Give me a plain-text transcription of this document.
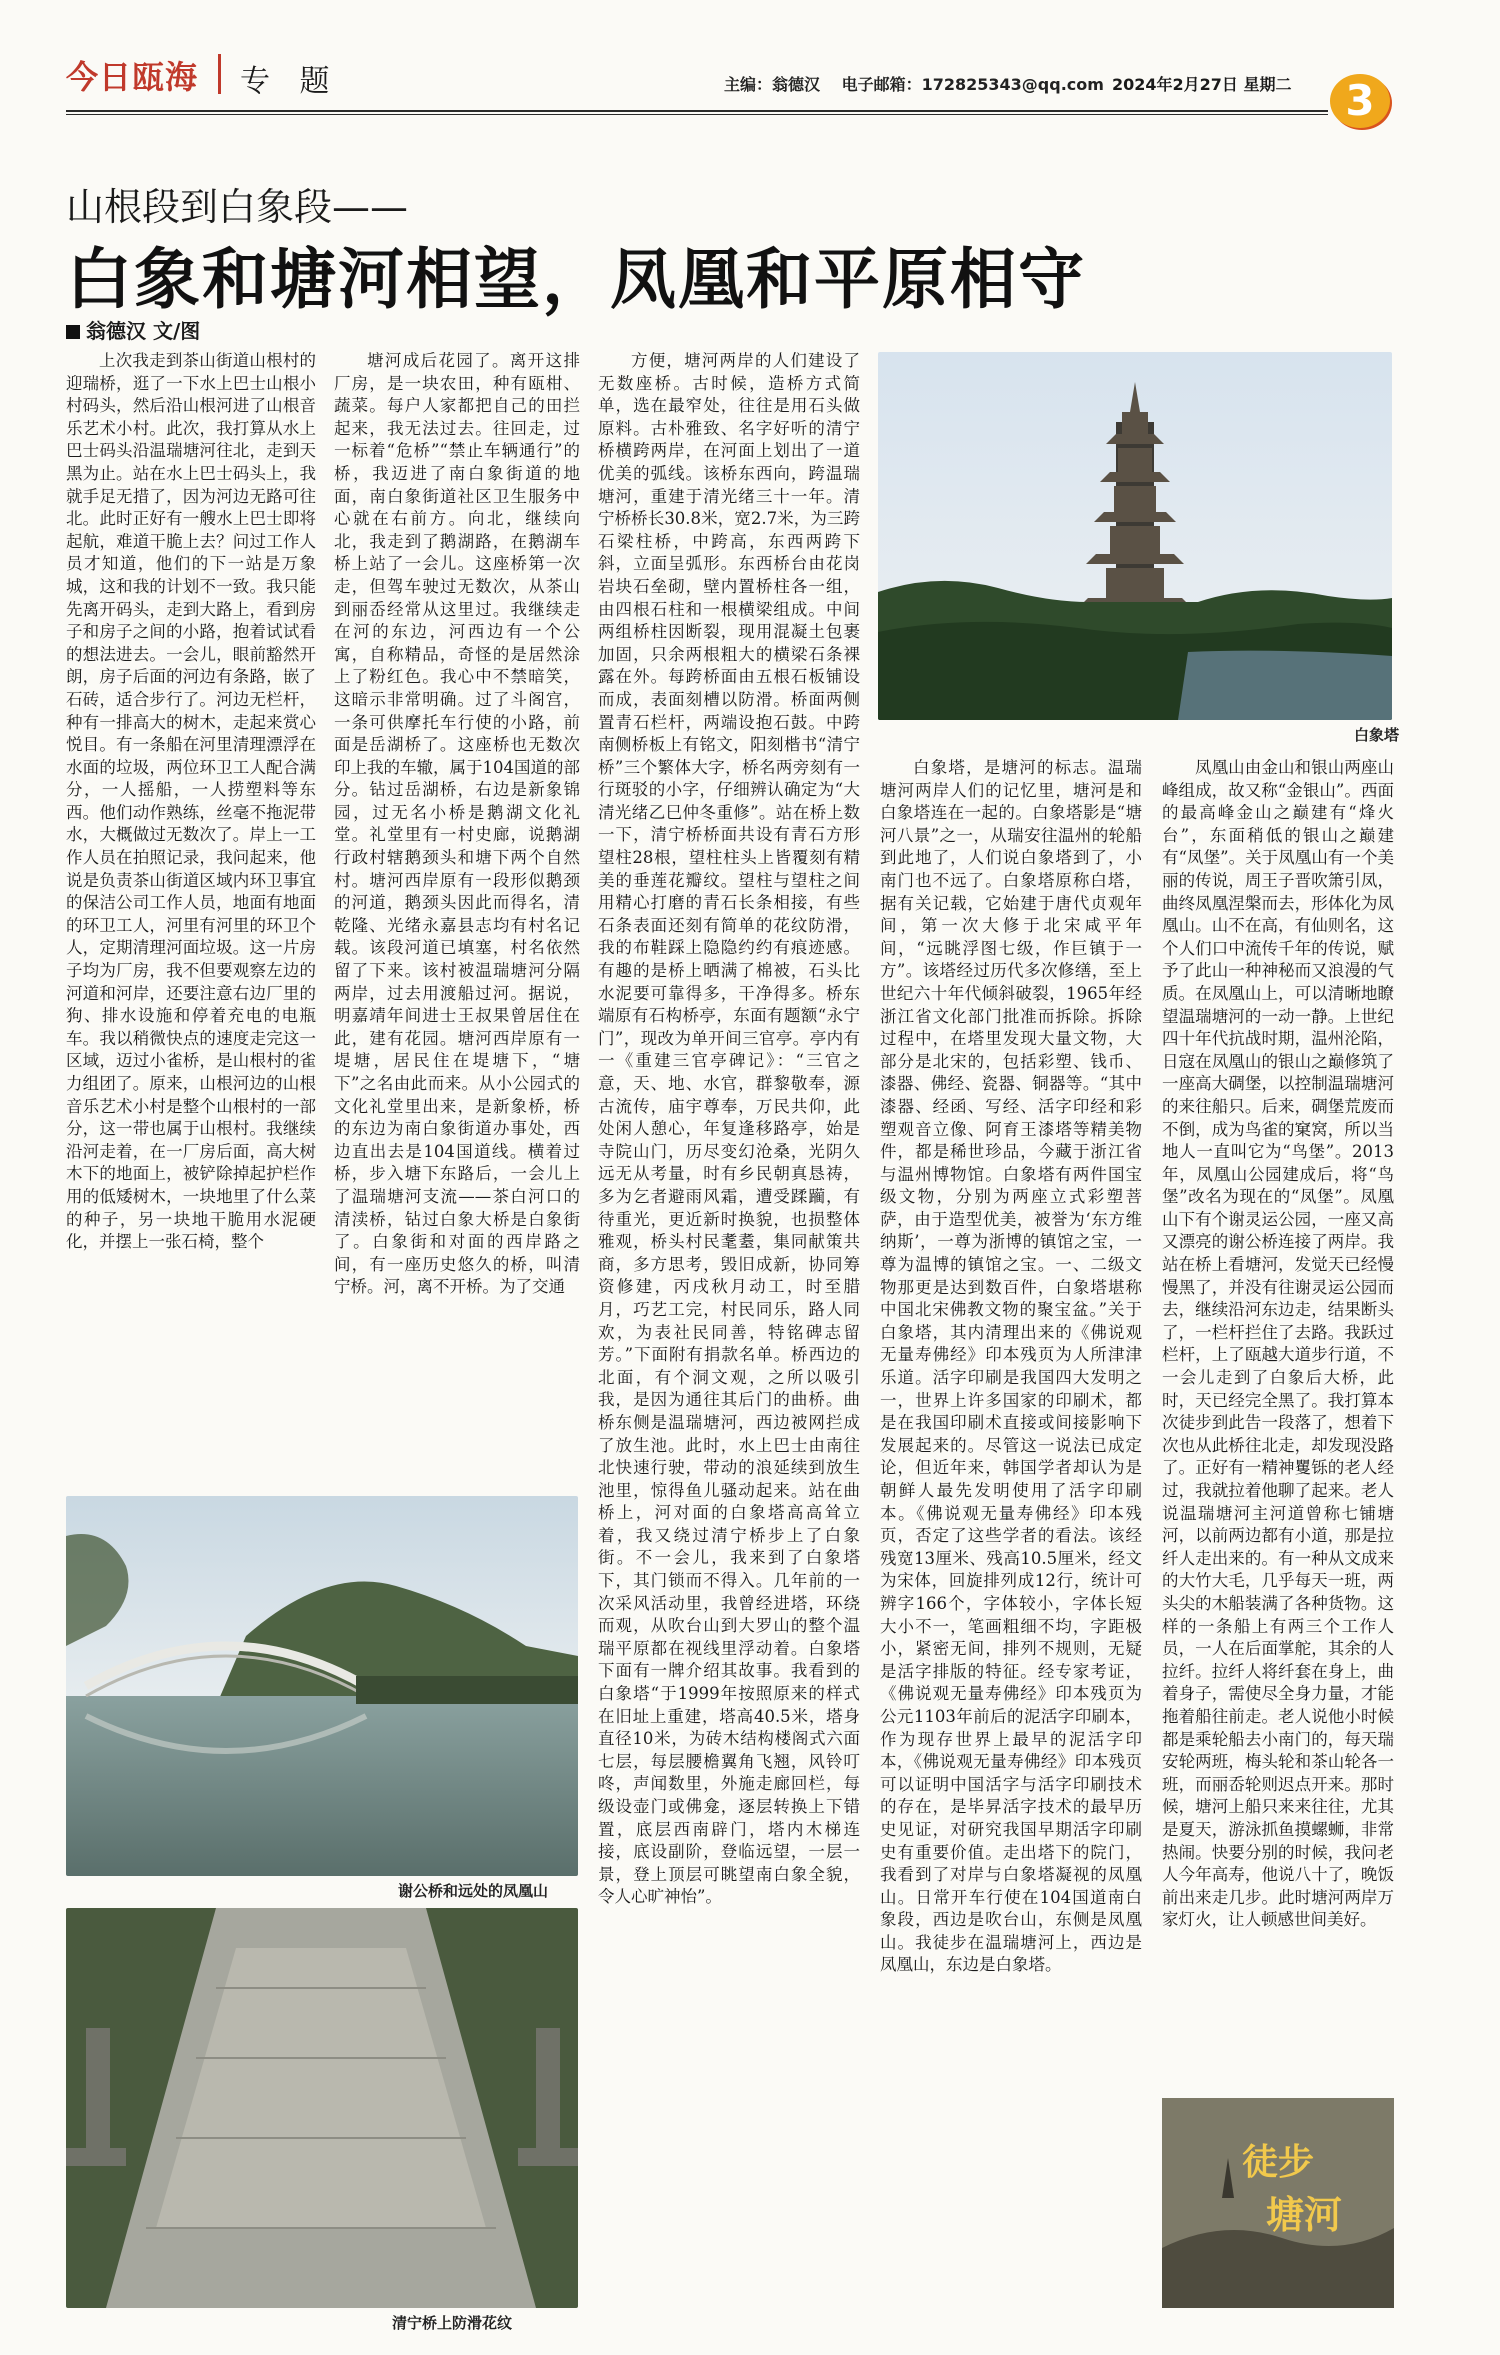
今日瓯海 专 题	主编：翁德汉 电子邮箱：172825343@qq.com 2024年2月27日 星期二	3
山根段到白象段——
白象和塘河相望，凤凰和平原相守
翁德汉 文/图

上次我走到茶山街道山根村的迎瑞桥，逛了一下水上巴士山根小村码头，然后沿山根河进了山根音乐艺术小村。此次，我打算从水上巴士码头沿温瑞塘河往北，走到天黑为止。站在水上巴士码头上，我就手足无措了，因为河边无路可往北。此时正好有一艘水上巴士即将起航，难道干脆上去？问过工作人员才知道，他们的下一站是万象城，这和我的计划不一致。我只能先离开码头，走到大路上，看到房子和房子之间的小路，抱着试试看的想法进去。一会儿，眼前豁然开朗，房子后面的河边有条路，嵌了石砖，适合步行了。河边无栏杆，种有一排高大的树木，走起来赏心悦目。有一条船在河里清理漂浮在水面的垃圾，两位环卫工人配合满分，一人摇船，一人捞塑料等东西。他们动作熟练，丝毫不拖泥带水，大概做过无数次了。岸上一工作人员在拍照记录，我问起来，他说是负责茶山街道区域内环卫事宜的保洁公司工作人员，地面有地面的环卫工人，河里有河里的环卫个人，定期清理河面垃圾。这一片房子均为厂房，我不但要观察左边的河道和河岸，还要注意右边厂里的狗、排水设施和停着充电的电瓶车。我以稍微快点的速度走完这一区域，迈过小雀桥，是山根村的雀力组团了。原来，山根河边的山根音乐艺术小村是整个山根村的一部分，这一带也属于山根村。我继续沿河走着，在一厂房后面，高大树木下的地面上，被铲除掉起护栏作用的低矮树木，一块地里了什么菜的种子，另一块地干脆用水泥硬化，并摆上一张石椅，整个

塘河成后花园了。离开这排厂房，是一块农田，种有瓯柑、蔬菜。每户人家都把自己的田拦起来，我无法过去。往回走，过一标着“危桥”“禁止车辆通行”的桥，我迈进了南白象街道的地面，南白象街道社区卫生服务中心就在右前方。向北，继续向北，我走到了鹅湖路，在鹅湖车桥上站了一会儿。这座桥第一次走，但驾车驶过无数次，从茶山到丽岙经常从这里过。我继续走在河的东边，河西边有一个公寓，自称精品，奇怪的是居然涂上了粉红色。我心中不禁暗笑，这暗示非常明确。过了斗阁宫，一条可供摩托车行使的小路，前面是岳湖桥了。这座桥也无数次印上我的车辙，属于104国道的部分。钻过岳湖桥，右边是新象锦园，过无名小桥是鹅湖文化礼堂。礼堂里有一村史廊，说鹅湖行政村辖鹅颈头和塘下两个自然村。塘河西岸原有一段形似鹅颈的河道，鹅颈头因此而得名，清乾隆、光绪永嘉县志均有村名记载。该段河道已填塞，村名依然留了下来。该村被温瑞塘河分隔两岸，过去用渡船过河。据说，明嘉靖年间进士王叔果曾居住在此，建有花园。塘河西岸原有一堤塘，居民住在堤塘下，“塘下”之名由此而来。从小公园式的文化礼堂里出来，是新象桥，桥的东边为南白象街道办事处，西边直出去是104国道线。横着过桥，步入塘下东路后，一会儿上了温瑞塘河支流——茶白河口的清渎桥，钻过白象大桥是白象街了。白象街和对面的西岸路之间，有一座历史悠久的桥，叫清宁桥。河，离不开桥。为了交通

方便，塘河两岸的人们建设了无数座桥。古时候，造桥方式简单，选在最窄处，往往是用石头做原料。古朴雅致、名字好听的清宁桥横跨两岸，在河面上划出了一道优美的弧线。该桥东西向，跨温瑞塘河，重建于清光绪三十一年。清宁桥桥长30.8米，宽2.7米，为三跨石梁柱桥，中跨高，东西两跨下斜，立面呈弧形。东西桥台由花岗岩块石垒砌，壁内置桥柱各一组，由四根石柱和一根横梁组成。中间两组桥柱因断裂，现用混凝土包裹加固，只余两根粗大的横梁石条裸露在外。每跨桥面由五根石板铺设而成，表面刻槽以防滑。桥面两侧置青石栏杆，两端设抱石鼓。中跨南侧桥板上有铭文，阳刻楷书“清宁桥”三个繁体大字，桥名两旁刻有一行斑驳的小字，仔细辨认确定为“大清光绪乙巳仲冬重修”。站在桥上数一下，清宁桥桥面共设有青石方形望柱28根，望柱柱头上皆覆刻有精美的垂莲花瓣纹。望柱与望柱之间用精心打磨的青石长条相接，有些石条表面还刻有简单的花纹防滑，我的布鞋踩上隐隐约约有痕迹感。有趣的是桥上晒满了棉被，石头比水泥要可靠得多，干净得多。桥东端原有石构桥亭，东面有题额“永宁门”，现改为单开间三官亭。亭内有一《重建三官亭碑记》：“三官之意，天、地、水官，群黎敬奉，源古流传，庙宇尊奉，万民共仰，此处闲人憩心，年复逢移路亭，始是寺院山门，历尽变幻沧桑，光阴久远无从考量，时有乡民朝真恳祷，多为乞者避雨风霜，遭受蹂躏，有待重光，更近新时换貌，也损整体雅观，桥头村民耄耋，集同献策共商，多方思考，毁旧成新，协同筹资修建，丙戌秋月动工，时至腊月，巧艺工完，村民同乐，路人同欢，为表社民同善，特铭碑志留芳。”下面附有捐款名单。桥西边的北面，有个洞文观，之所以吸引我，是因为通往其后门的曲桥。曲桥东侧是温瑞塘河，西边被网拦成了放生池。此时，水上巴士由南往北快速行驶，带动的浪延续到放生池里，惊得鱼儿骚动起来。站在曲桥上，河对面的白象塔高高耸立着，我又绕过清宁桥步上了白象街。不一会儿，我来到了白象塔下，其门锁而不得入。几年前的一次采风活动里，我曾经进塔，环绕而观，从吹台山到大罗山的整个温瑞平原都在视线里浮动着。白象塔下面有一牌介绍其故事。我看到的白象塔“于1999年按照原来的样式在旧址上重建，塔高40.5米，塔身直径10米，为砖木结构楼阁式六面七层，每层腰檐翼角飞翘，风铃叮咚，声闻数里，外施走廊回栏，每级设壶门或佛龛，逐层转换上下错置，底层西南辟门，塔内木梯连接，底设副阶，登临远望，一层一景，登上顶层可眺望南白象全貌，令人心旷神怡”。

白象塔，是塘河的标志。温瑞塘河两岸人们的记忆里，塘河是和白象塔连在一起的。白象塔影是“塘河八景”之一，从瑞安往温州的轮船到此地了，人们说白象塔到了，小南门也不远了。白象塔原称白塔，据有关记载，它始建于唐代贞观年间，第一次大修于北宋咸平年间，“远眺浮图七级，作巨镇于一方”。该塔经过历代多次修缮，至上世纪六十年代倾斜破裂，1965年经浙江省文化部门批准而拆除。拆除过程中，在塔里发现大量文物，大部分是北宋的，包括彩塑、钱币、漆器、佛经、瓷器、铜器等。“其中漆器、经函、写经、活字印经和彩塑观音立像、阿育王漆塔等精美物件，都是稀世珍品，今藏于浙江省与温州博物馆。白象塔有两件国宝级文物，分别为两座立式彩塑菩萨，由于造型优美，被誉为‘东方维纳斯’，一尊为浙博的镇馆之宝，一尊为温博的镇馆之宝。一、二级文物那更是达到数百件，白象塔堪称中国北宋佛教文物的聚宝盆。”关于白象塔，其内清理出来的《佛说观无量寿佛经》印本残页为人所津津乐道。活字印刷是我国四大发明之一，世界上许多国家的印刷术，都是在我国印刷术直接或间接影响下发展起来的。尽管这一说法已成定论，但近年来，韩国学者却认为是朝鲜人最先发明使用了活字印刷本。《佛说观无量寿佛经》印本残页，否定了这些学者的看法。该经残宽13厘米、残高10.5厘米，经文为宋体，回旋排列成12行，统计可辨字166个，字体较小，字体长短大小不一，笔画粗细不均，字距极小，紧密无间，排列不规则，无疑是活字排版的特征。经专家考证，《佛说观无量寿佛经》印本残页为公元1103年前后的泥活字印刷本，作为现存世界上最早的泥活字印本，《佛说观无量寿佛经》印本残页可以证明中国活字与活字印刷技术的存在，是毕昇活字技术的最早历史见证，对研究我国早期活字印刷史有重要价值。走出塔下的院门，我看到了对岸与白象塔凝视的凤凰山。日常开车行使在104国道南白象段，西边是吹台山，东侧是凤凰山。我徒步在温瑞塘河上，西边是凤凰山，东边是白象塔。

凤凰山由金山和银山两座山峰组成，故又称“金银山”。西面的最高峰金山之巅建有“烽火台”，东面稍低的银山之巅建有“凤堡”。关于凤凰山有一个美丽的传说，周王子晋吹箫引凤，曲终凤凰涅槃而去，形体化为凤凰山。山不在高，有仙则名，这个人们口中流传千年的传说，赋予了此山一种神秘而又浪漫的气质。在凤凰山上，可以清晰地瞭望温瑞塘河的一动一静。上世纪四十年代抗战时期，温州沦陷，日寇在凤凰山的银山之巅修筑了一座高大碉堡，以控制温瑞塘河的来往船只。后来，碉堡荒废而不倒，成为鸟雀的窠窝，所以当地人一直叫它为“鸟堡”。2013年，凤凰山公园建成后，将“鸟堡”改名为现在的“凤堡”。凤凰山下有个谢灵运公园，一座又高又漂亮的谢公桥连接了两岸。我站在桥上看塘河，发觉天已经慢慢黑了，并没有往谢灵运公园而去，继续沿河东边走，结果断头了，一栏杆拦住了去路。我跃过栏杆，上了瓯越大道步行道，不一会儿走到了白象后大桥，此时，天已经完全黑了。我打算本次徒步到此告一段落了，想着下次也从此桥往北走，却发现没路了。正好有一精神矍铄的老人经过，我就拉着他聊了起来。老人说温瑞塘河主河道曾称七铺塘河，以前两边都有小道，那是拉纤人走出来的。有一种从文成来的大竹大毛，几乎每天一班，两头尖的木船装满了各种货物。这样的一条船上有两三个工作人员，一人在后面掌舵，其余的人拉纤。拉纤人将纤套在身上，曲着身子，需使尽全身力量，才能拖着船往前走。老人说他小时候都是乘轮船去小南门的，每天瑞安轮两班，梅头轮和茶山轮各一班，而丽岙轮则迟点开来。那时候，塘河上船只来来往往，尤其是夏天，游泳抓鱼摸螺蛳，非常热闹。快要分别的时候，我问老人今年高寿，他说八十了，晚饭前出来走几步。此时塘河两岸万家灯火，让人顿感世间美好。

白象塔
谢公桥和远处的凤凰山
清宁桥上防滑花纹
徒步
塘河
